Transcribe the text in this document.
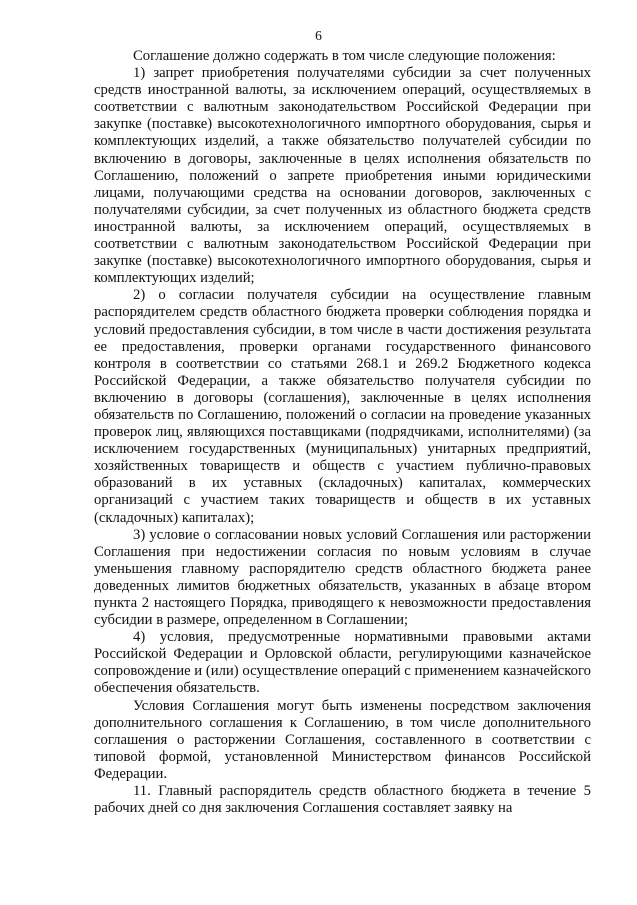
6

Соглашение должно содержать в том числе следующие положения:

1) запрет приобретения получателями субсидии за счет полученных средств иностранной валюты, за исключением операций, осуществляемых в соответствии с валютным законодательством Российской Федерации при закупке (поставке) высокотехнологичного импортного оборудования, сырья и комплектующих изделий, а также обязательство получателей субсидии по включению в договоры, заключенные в целях исполнения обязательств по Соглашению, положений о запрете приобретения иными юридическими лицами, получающими средства на основании договоров, заключенных с получателями субсидии, за счет полученных из областного бюджета средств иностранной валюты, за исключением операций, осуществляемых в соответствии с валютным законодательством Российской Федерации при закупке (поставке) высокотехнологичного импортного оборудования, сырья и комплектующих изделий;

2) о согласии получателя субсидии на осуществление главным распорядителем средств областного бюджета проверки соблюдения порядка и условий предоставления субсидии, в том числе в части достижения результата ее предоставления, проверки органами государственного финансового контроля в соответствии со статьями 268.1 и 269.2 Бюджетного кодекса Российской Федерации, а также обязательство получателя субсидии по включению в договоры (соглашения), заключенные в целях исполнения обязательств по Соглашению, положений о согласии на проведение указанных проверок лиц, являющихся поставщиками (подрядчиками, исполнителями) (за исключением государственных (муниципальных) унитарных предприятий, хозяйственных товариществ и обществ с участием публично-правовых образований в их уставных (складочных) капиталах, коммерческих организаций с участием таких товариществ и обществ в их уставных (складочных) капиталах);

3) условие о согласовании новых условий Соглашения или расторжении Соглашения при недостижении согласия по новым условиям в случае уменьшения главному распорядителю средств областного бюджета ранее доведенных лимитов бюджетных обязательств, указанных в абзаце втором пункта 2 настоящего Порядка, приводящего к невозможности предоставления субсидии в размере, определенном в Соглашении;

4) условия, предусмотренные нормативными правовыми актами Российской Федерации и Орловской области, регулирующими казначейское сопровождение и (или) осуществление операций с применением казначейского обеспечения обязательств.

Условия Соглашения могут быть изменены посредством заключения дополнительного соглашения к Соглашению, в том числе дополнительного соглашения о расторжении Соглашения, составленного в соответствии с типовой формой, установленной Министерством финансов Российской Федерации.

11. Главный распорядитель средств областного бюджета в течение 5 рабочих дней со дня заключения Соглашения составляет заявку на
